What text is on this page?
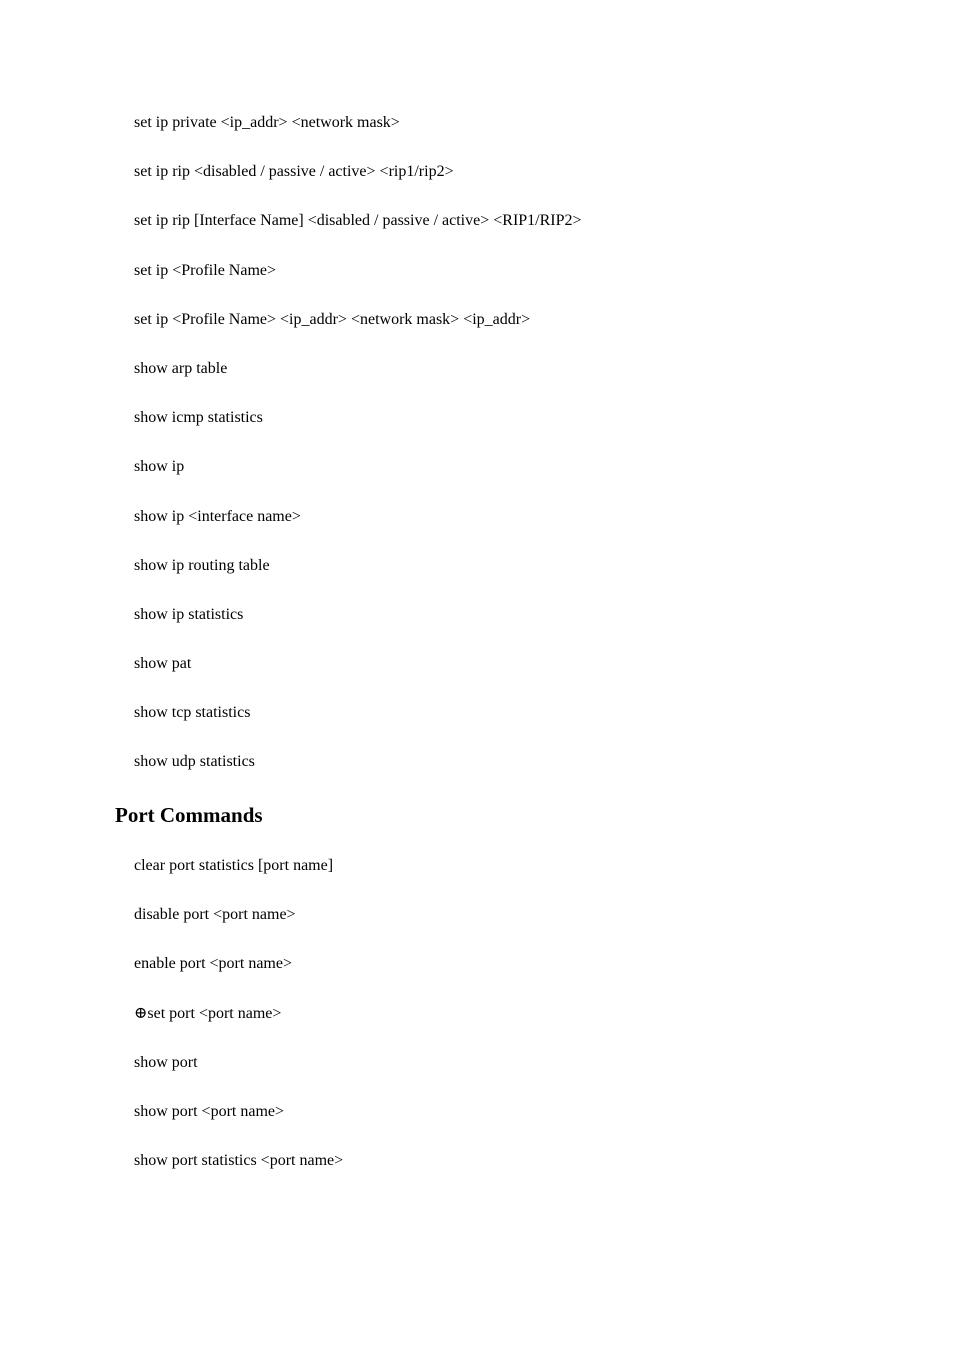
set ip private <ip_addr> <network mask>
set ip rip <disabled / passive / active> <rip1/rip2>
set ip rip [Interface Name] <disabled / passive / active> <RIP1/RIP2>
set ip <Profile Name>
set ip <Profile Name> <ip_addr> <network mask> <ip_addr>
show arp table
show icmp statistics
show ip
show ip <interface name>
show ip routing table
show ip statistics
show pat
show tcp statistics
show udp statistics
Port Commands
clear port statistics [port name]
disable port <port name>
enable port <port name>
⊕set port <port name>
show port
show port <port name>
show port statistics <port name>
